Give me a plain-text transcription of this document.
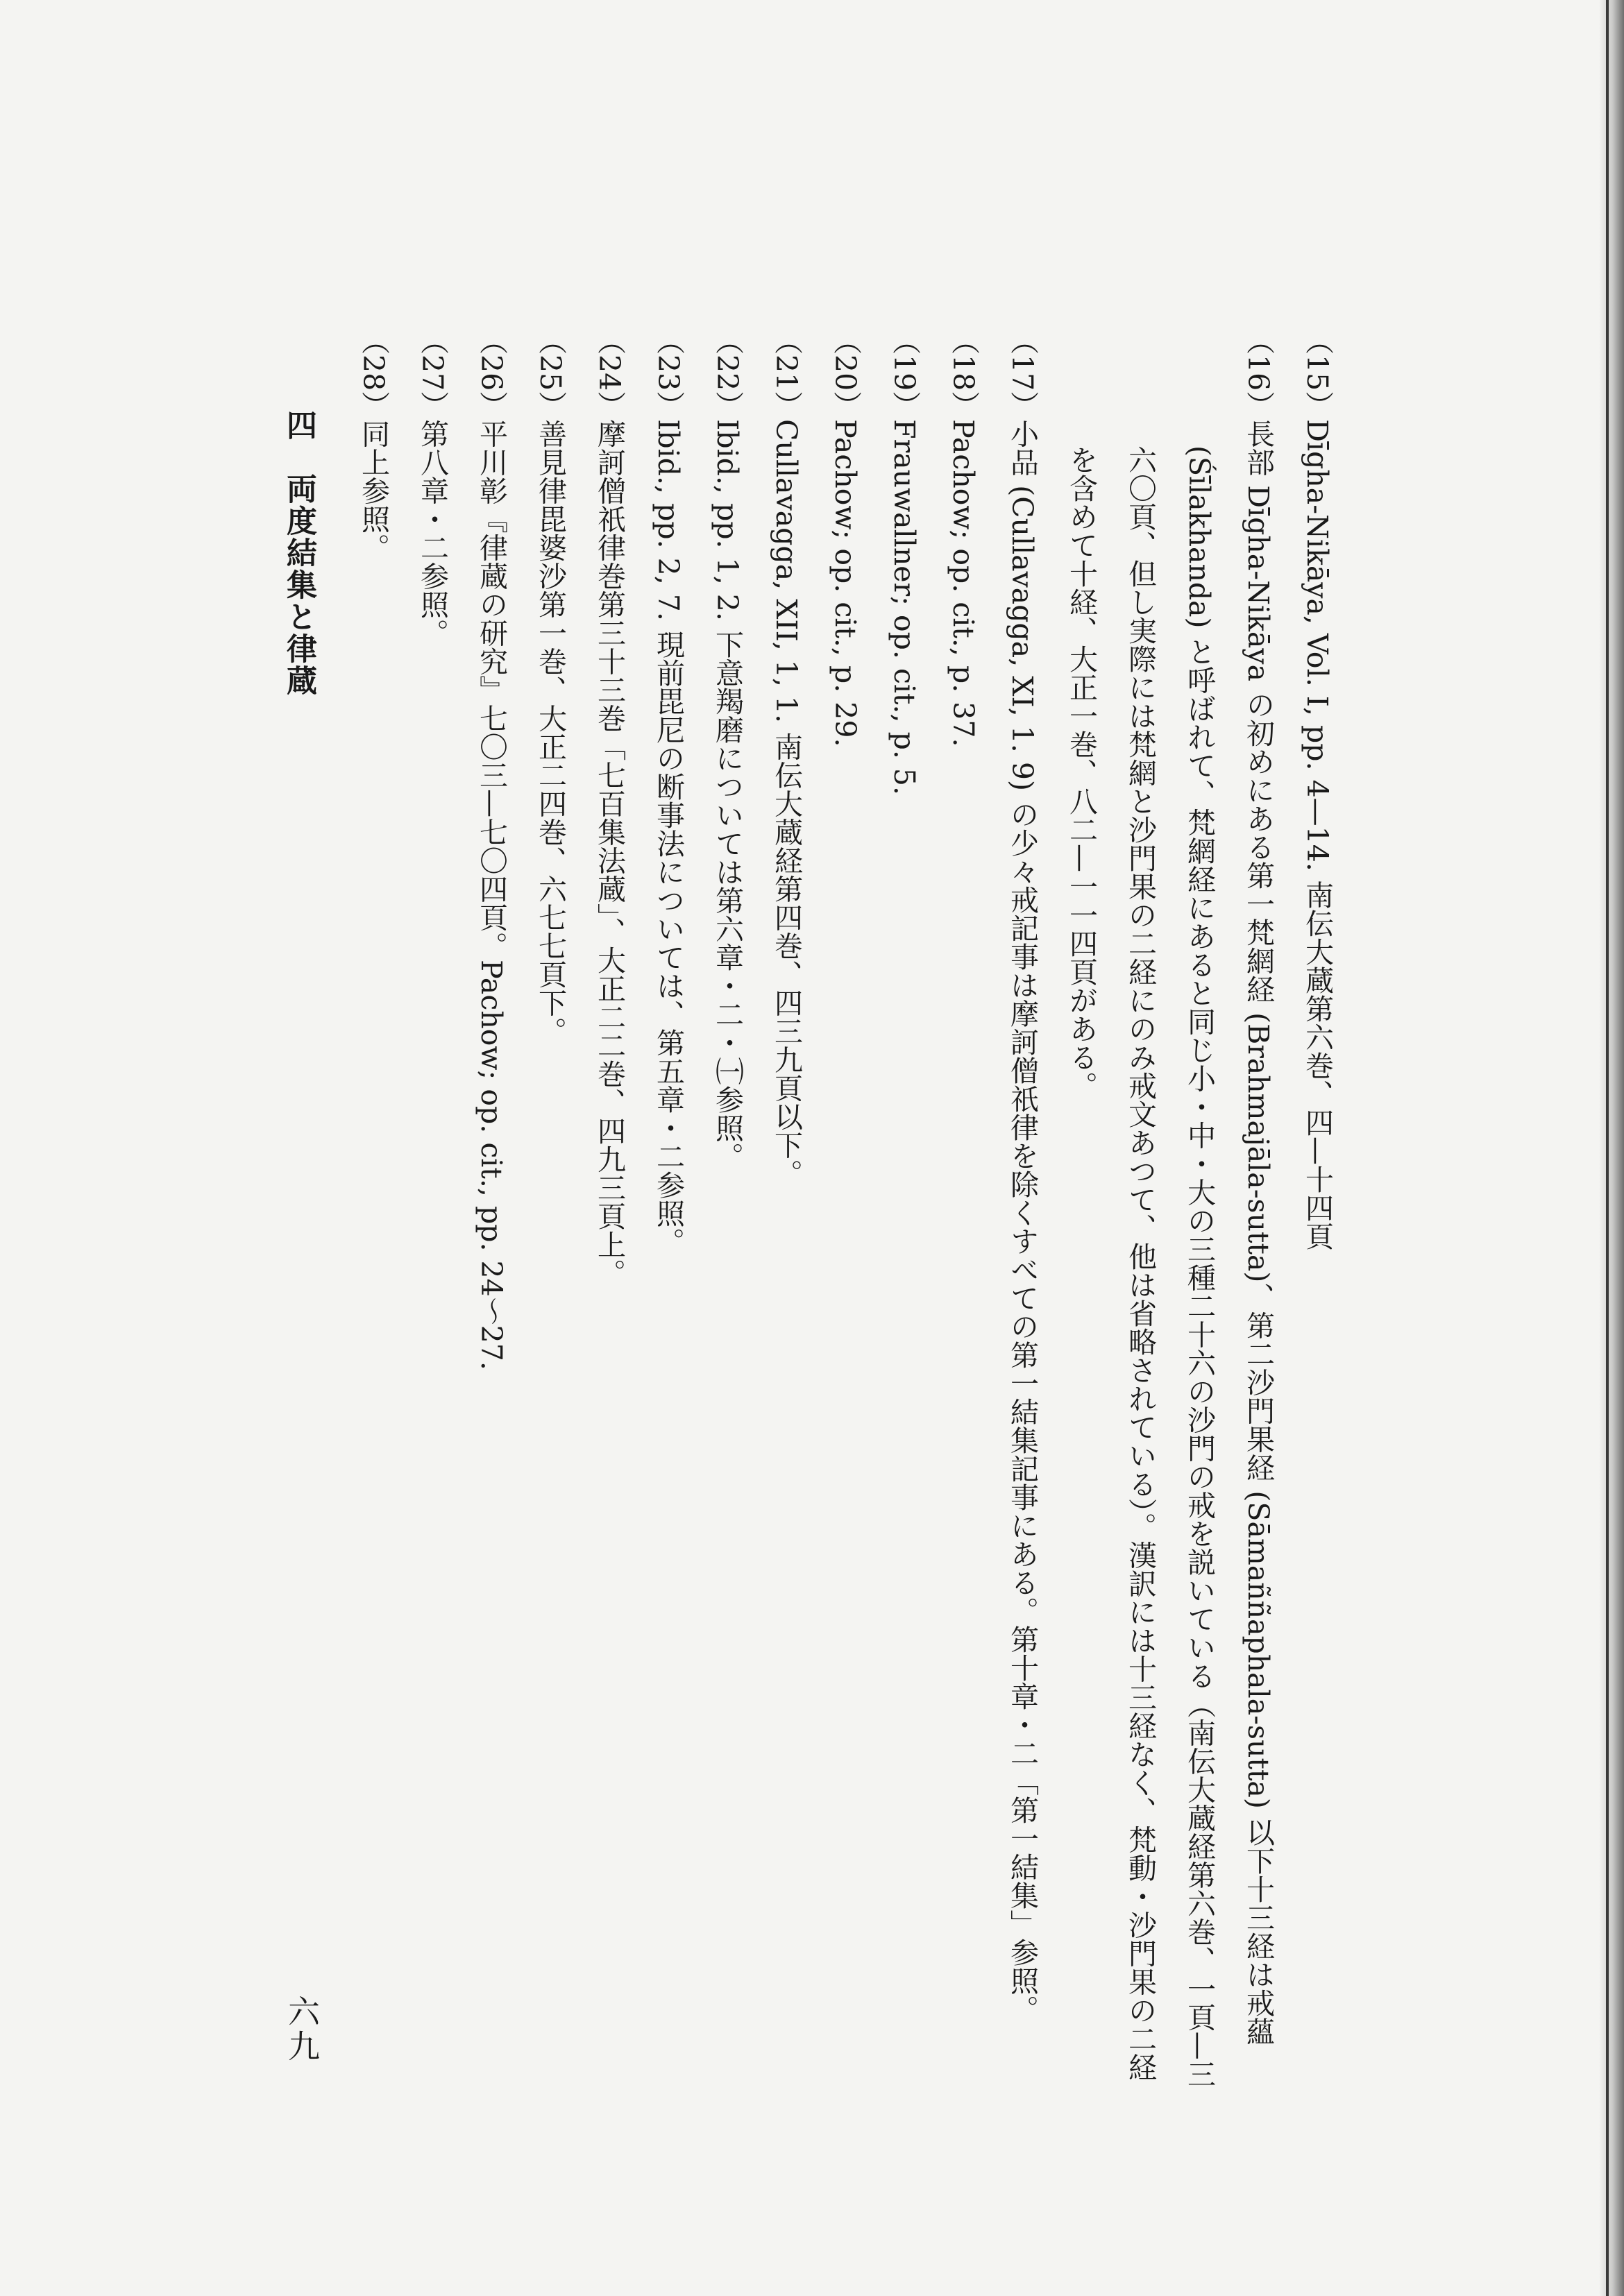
（15）Dīgha-Nikāya, Vol. I, pp. 4—14. 南伝大蔵第六巻、四—十四頁

（16）長部 Dīgha-Nikāya の初めにある第一梵網経 (Brahmajāla-sutta)、第二沙門果経 (Sāmaññaphala-sutta) 以下十三経は戒蘊 (Śīlakhanda) と呼ばれて、梵網経にあると同じ小・中・大の三種二十六の沙門の戒を説いている（南伝大蔵経第六巻、一頁—三六〇頁、但し実際には梵網と沙門果の二経にのみ戒文あつて、他は省略されている）。漢訳には十三経なく、梵動・沙門果の二経を含めて十経、大正一巻、八二—一一四頁がある。

（17）小品 (Cullavagga, XI, 1. 9) の少々戒記事は摩訶僧祇律を除くすべての第一結集記事にある。第十章・二「第一結集」参照。

（18）Pachow; op. cit., p. 37.

（19）Frauwallner; op. cit., p. 5.

（20）Pachow; op. cit., p. 29.

（21）Cullavagga, XII, 1, 1. 南伝大蔵経第四巻、四三九頁以下。

（22）Ibid., pp. 1, 2. 下意羯磨については第六章・二・㈠参照。

（23）Ibid., pp. 2, 7. 現前毘尼の断事法については、第五章・二参照。

（24）摩訶僧祇律巻第三十三巻「七百集法蔵」、大正二二巻、四九三頁上。

（25）善見律毘婆沙第一巻、大正二四巻、六七七頁下。

（26）平川彰『律蔵の研究』七〇三—七〇四頁。Pachow; op. cit., pp. 24〜27.

（27）第八章・二参照。

（28）同上参照。

四　両度結集と律蔵
六九
